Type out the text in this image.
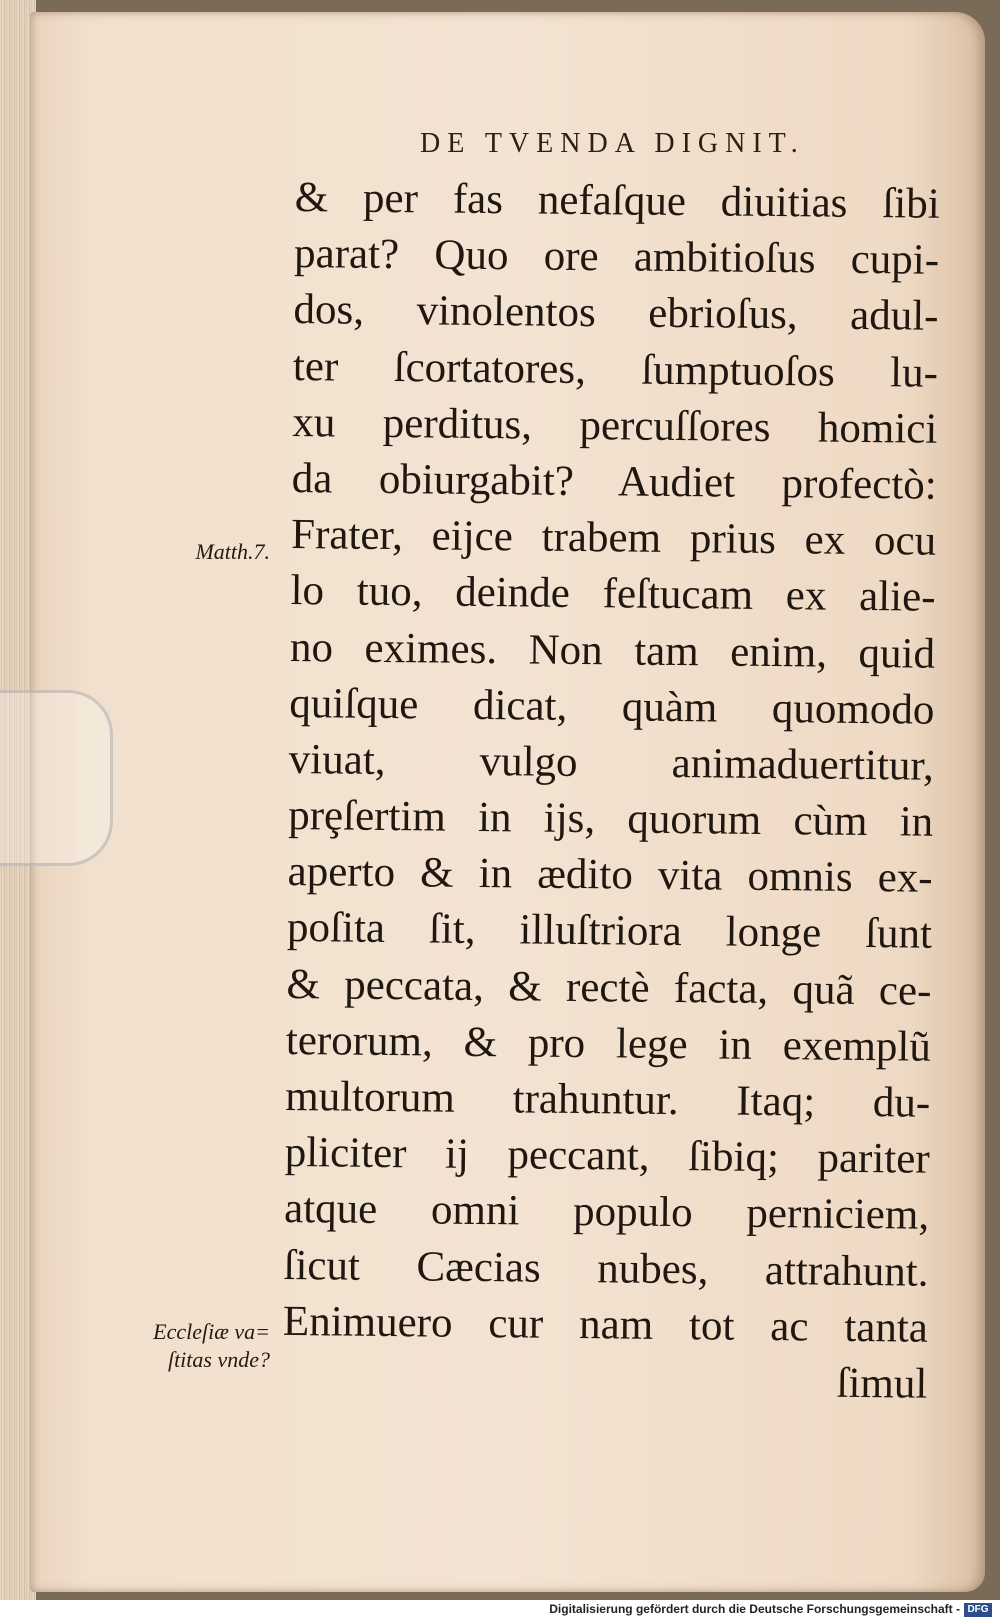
DE TVENDA DIGNIT.
Matth.7.
Eccleſiæ va=
ſtitas vnde?
& per fas nefaſque diuitias ſibi
parat? Quo ore ambitioſus cupi-
dos, vinolentos ebrioſus, adul-
ter ſcortatores, ſumptuoſos lu-
xu perditus, percuſſores homici
da obiurgabit? Audiet profectò:
Frater, eijce trabem prius ex ocu
lo tuo, deinde feſtucam ex alie-
no eximes. Non tam enim, quid
quiſque dicat, quàm quomodo
viuat, vulgo animaduertitur,
prȩſertim in ijs, quorum cùm in
aperto & in ædito vita omnis ex-
poſita ſit, illuſtriora longe ſunt
& peccata, & rectè facta, quã ce-
terorum, & pro lege in exemplũ
multorum trahuntur. Itaq; du-
pliciter ij peccant, ſibiq; pariter
atque omni populo perniciem,
ſicut Cæcias nubes, attrahunt.
Enimuero cur nam tot ac tanta
ſimul
Digitalisierung gefördert durch die Deutsche Forschungsgemeinschaft - DFG
